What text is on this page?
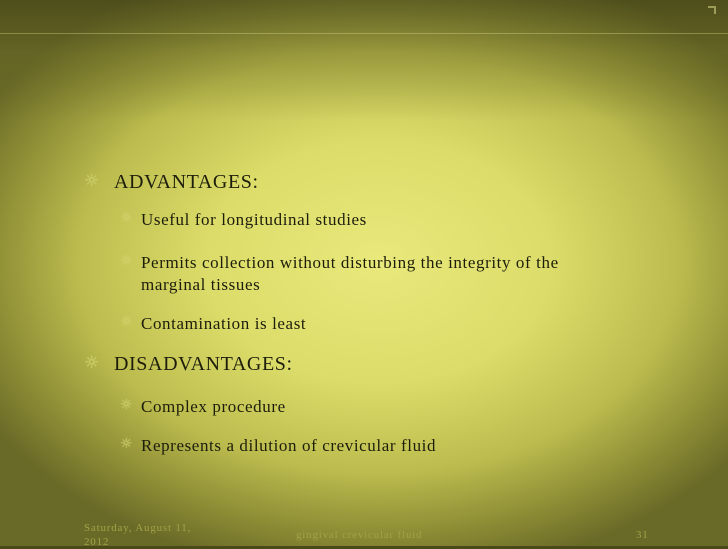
☼ ADVANTAGES:
☼ Useful for longitudinal studies
☼ Permits collection without disturbing the integrity of the
marginal tissues
☼ Contamination is least
☼ DISADVANTAGES:
☼ Complex procedure
☼ Represents a dilution of crevicular fluid
Saturday, August 11,
2012
gingival crevicular fluid	31
